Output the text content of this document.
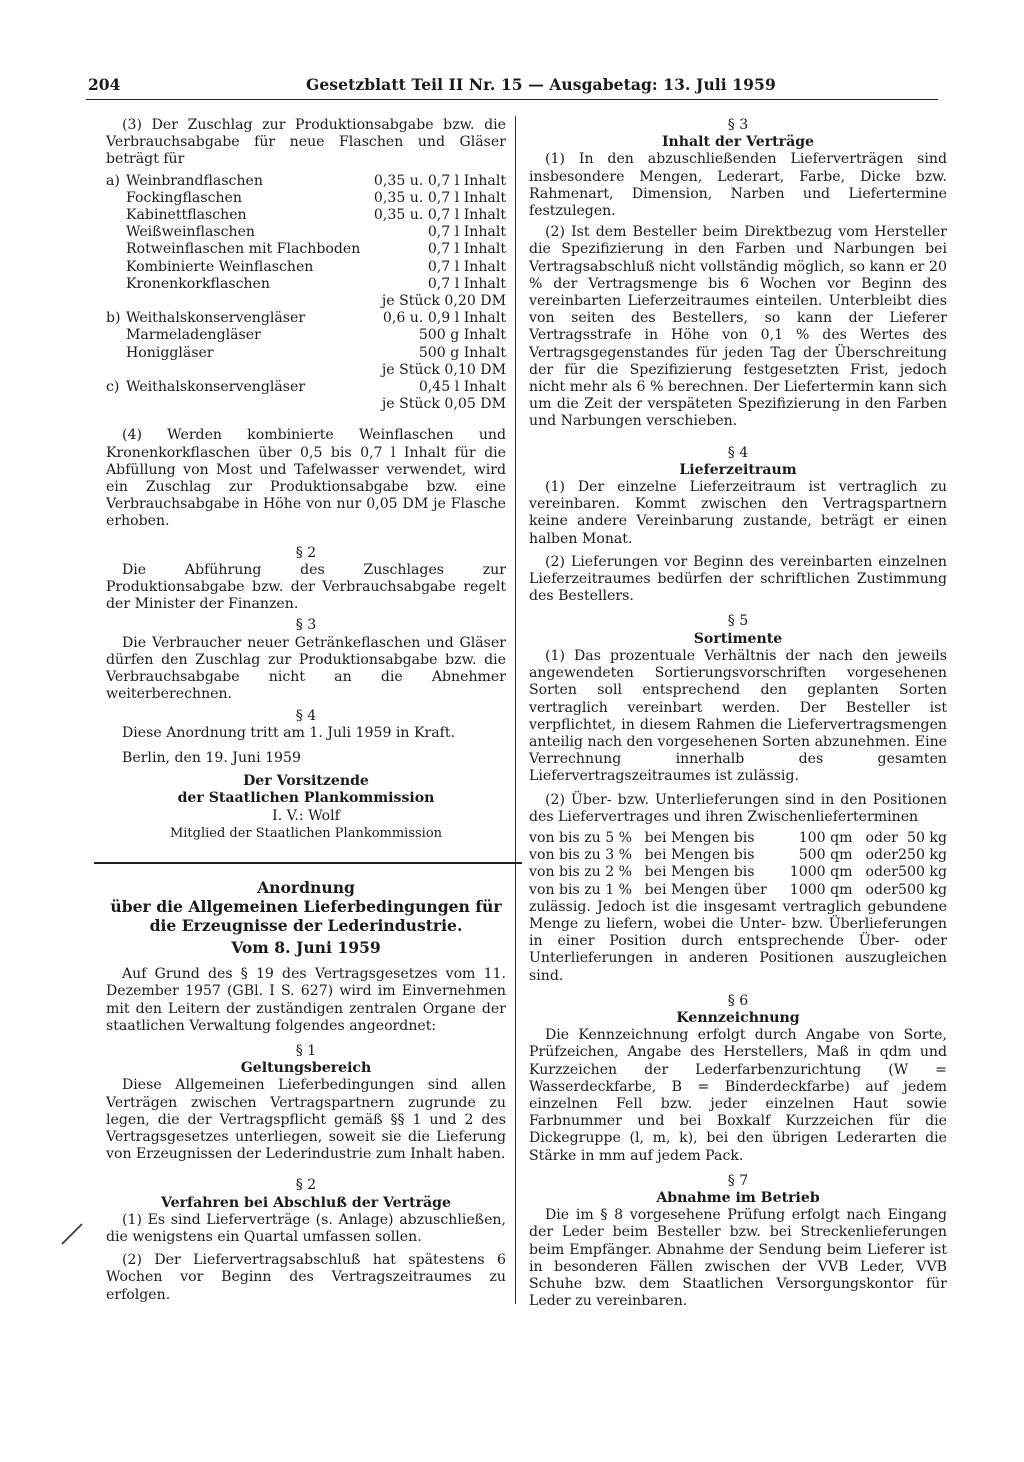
204	Gesetzblatt Teil II Nr. 15 — Ausgabetag: 13. Juli 1959

(3) Der Zuschlag zur Produktionsabgabe bzw. die Verbrauchsabgabe für neue Flaschen und Gläser beträgt für

a)	Weinbrandflaschen	0,35 u. 0,7 l Inhalt
	Fockingflaschen	0,35 u. 0,7 l Inhalt
	Kabinettflaschen	0,35 u. 0,7 l Inhalt
	Weißweinflaschen	0,7 l Inhalt
	Rotweinflaschen mit Flachboden	0,7 l Inhalt
	Kombinierte Weinflaschen	0,7 l Inhalt
	Kronenkorkflaschen	0,7 l Inhalt
		je Stück 0,20 DM
b)	Weithalskonservengläser	0,6 u. 0,9 l Inhalt
	Marmeladengläser	500 g Inhalt
	Honiggläser	500 g Inhalt
		je Stück 0,10 DM
c)	Weithalskonservengläser	0,45 l Inhalt
		je Stück 0,05 DM

(4) Werden kombinierte Weinflaschen und Kronenkorkflaschen über 0,5 bis 0,7 l Inhalt für die Abfüllung von Most und Tafelwasser verwendet, wird ein Zuschlag zur Produktionsabgabe bzw. eine Verbrauchsabgabe in Höhe von nur 0,05 DM je Flasche erhoben.

§ 2

Die Abführung des Zuschlages zur Produktionsabgabe bzw. der Verbrauchsabgabe regelt der Minister der Finanzen.

§ 3

Die Verbraucher neuer Getränkeflaschen und Gläser dürfen den Zuschlag zur Produktionsabgabe bzw. die Verbrauchsabgabe nicht an die Abnehmer weiterberechnen.

§ 4

Diese Anordnung tritt am 1. Juli 1959 in Kraft.

Berlin, den 19. Juni 1959

Der Vorsitzende
der Staatlichen Plankommission
I. V.: Wolf
Mitglied der Staatlichen Plankommission
Anordnung
über die Allgemeinen Lieferbedingungen für die Erzeugnisse der Lederindustrie.
Vom 8. Juni 1959

Auf Grund des § 19 des Vertragsgesetzes vom 11. Dezember 1957 (GBl. I S. 627) wird im Einvernehmen mit den Leitern der zuständigen zentralen Organe der staatlichen Verwaltung folgendes angeordnet:

§ 1
Geltungsbereich

Diese Allgemeinen Lieferbedingungen sind allen Verträgen zwischen Vertragspartnern zugrunde zu legen, die der Vertragspflicht gemäß §§ 1 und 2 des Vertragsgesetzes unterliegen, soweit sie die Lieferung von Erzeugnissen der Lederindustrie zum Inhalt haben.

§ 2
Verfahren bei Abschluß der Verträge

(1) Es sind Lieferverträge (s. Anlage) abzuschließen, die wenigstens ein Quartal umfassen sollen.

(2) Der Liefervertragsabschluß hat spätestens 6 Wochen vor Beginn des Vertragszeitraumes zu erfolgen.

§ 3
Inhalt der Verträge

(1) In den abzuschließenden Lieferverträgen sind insbesondere Mengen, Lederart, Farbe, Dicke bzw. Rahmenart, Dimension, Narben und Liefertermine festzulegen.

(2) Ist dem Besteller beim Direktbezug vom Hersteller die Spezifizierung in den Farben und Narbungen bei Vertragsabschluß nicht vollständig möglich, so kann er 20 % der Vertragsmenge bis 6 Wochen vor Beginn des vereinbarten Lieferzeitraumes einteilen. Unterbleibt dies von seiten des Bestellers, so kann der Lieferer Vertragsstrafe in Höhe von 0,1 % des Wertes des Vertragsgegenstandes für jeden Tag der Überschreitung der für die Spezifizierung festgesetzten Frist, jedoch nicht mehr als 6 % berechnen. Der Liefertermin kann sich um die Zeit der verspäteten Spezifizierung in den Farben und Narbungen verschieben.

§ 4
Lieferzeitraum

(1) Der einzelne Lieferzeitraum ist vertraglich zu vereinbaren. Kommt zwischen den Vertragspartnern keine andere Vereinbarung zustande, beträgt er einen halben Monat.

(2) Lieferungen vor Beginn des vereinbarten einzelnen Lieferzeitraumes bedürfen der schriftlichen Zustimmung des Bestellers.

§ 5
Sortimente

(1) Das prozentuale Verhältnis der nach den jeweils angewendeten Sortierungsvorschriften vorgesehenen Sorten soll entsprechend den geplanten Sorten vertraglich vereinbart werden. Der Besteller ist verpflichtet, in diesem Rahmen die Liefervertragsmengen anteilig nach den vorgesehenen Sorten abzunehmen. Eine Verrechnung innerhalb des gesamten Liefervertragszeitraumes ist zulässig.

(2) Über- bzw. Unterlieferungen sind in den Positionen des Liefervertrages und ihren Zwischenlieferterminen

von bis zu 5 %	bei Mengen bis	100 qm	oder	50 kg
von bis zu 3 %	bei Mengen bis	500 qm	oder	250 kg
von bis zu 2 %	bei Mengen bis	1000 qm	oder	500 kg
von bis zu 1 %	bei Mengen über	1000 qm	oder	500 kg

zulässig. Jedoch ist die insgesamt vertraglich gebundene Menge zu liefern, wobei die Unter- bzw. Überlieferungen in einer Position durch entsprechende Über- oder Unterlieferungen in anderen Positionen auszugleichen sind.

§ 6
Kennzeichnung

Die Kennzeichnung erfolgt durch Angabe von Sorte, Prüfzeichen, Angabe des Herstellers, Maß in qdm und Kurzzeichen der Lederfarbenzurichtung (W = Wasserdeckfarbe, B = Binderdeckfarbe) auf jedem einzelnen Fell bzw. jeder einzelnen Haut sowie Farbnummer und bei Boxkalf Kurzzeichen für die Dickegruppe (l, m, k), bei den übrigen Lederarten die Stärke in mm auf jedem Pack.

§ 7
Abnahme im Betrieb

Die im § 8 vorgesehene Prüfung erfolgt nach Eingang der Leder beim Besteller bzw. bei Streckenlieferungen beim Empfänger. Abnahme der Sendung beim Lieferer ist in besonderen Fällen zwischen der VVB Leder, VVB Schuhe bzw. dem Staatlichen Versorgungskontor für Leder zu vereinbaren.
